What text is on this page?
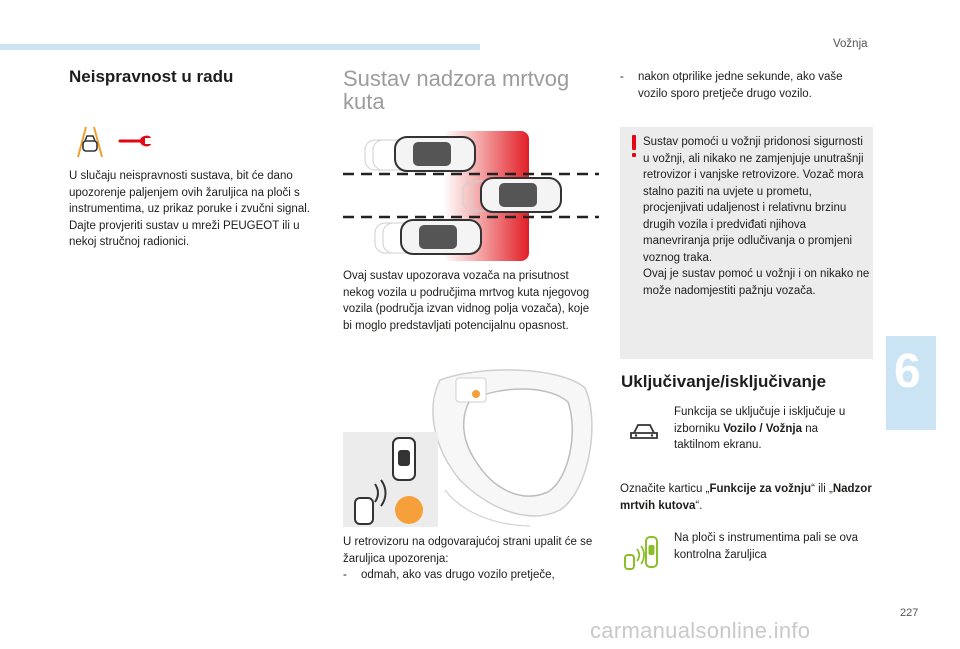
Vožnja
Neispravnost u radu
U slučaju neispravnosti sustava, bit će dano upozorenje paljenjem ovih žaruljica na ploči s instrumentima, uz prikaz poruke i zvučni signal. Dajte provjeriti sustav u mreži PEUGEOT ili u nekoj stručnoj radionici.
Sustav nadzora mrtvog kuta
Ovaj sustav upozorava vozača na prisutnost nekog vozila u područjima mrtvog kuta njegovog vozila (područja izvan vidnog polja vozača), koje bi moglo predstavljati potencijalnu opasnost.
U retrovizoru na odgovarajućoj strani upalit će se žaruljica upozorenja:
- odmah, ako vas drugo vozilo pretječe,
- nakon otprilike jedne sekunde, ako vaše vozilo sporo pretječe drugo vozilo.
Sustav pomoći u vožnji pridonosi sigurnosti u vožnji, ali nikako ne zamjenjuje unutrašnji retrovizor i vanjske retrovizore. Vozač mora stalno paziti na uvjete u prometu, procjenjivati udaljenost i relativnu brzinu drugih vozila i predviđati njihova manevriranja prije odlučivanja o promjeni voznog traka.
Ovaj je sustav pomoć u vožnji i on nikako ne može nadomjestiti pažnju vozača.
Uključivanje/isključivanje
Funkcija se uključuje i isključuje u izborniku Vozilo / Vožnja na taktilnom ekranu.
Označite karticu „Funkcije za vožnju“ ili „Nadzor mrtvih kutova“.
Na ploči s instrumentima pali se ova kontrolna žaruljica
6
227
carmanualsonline.info
